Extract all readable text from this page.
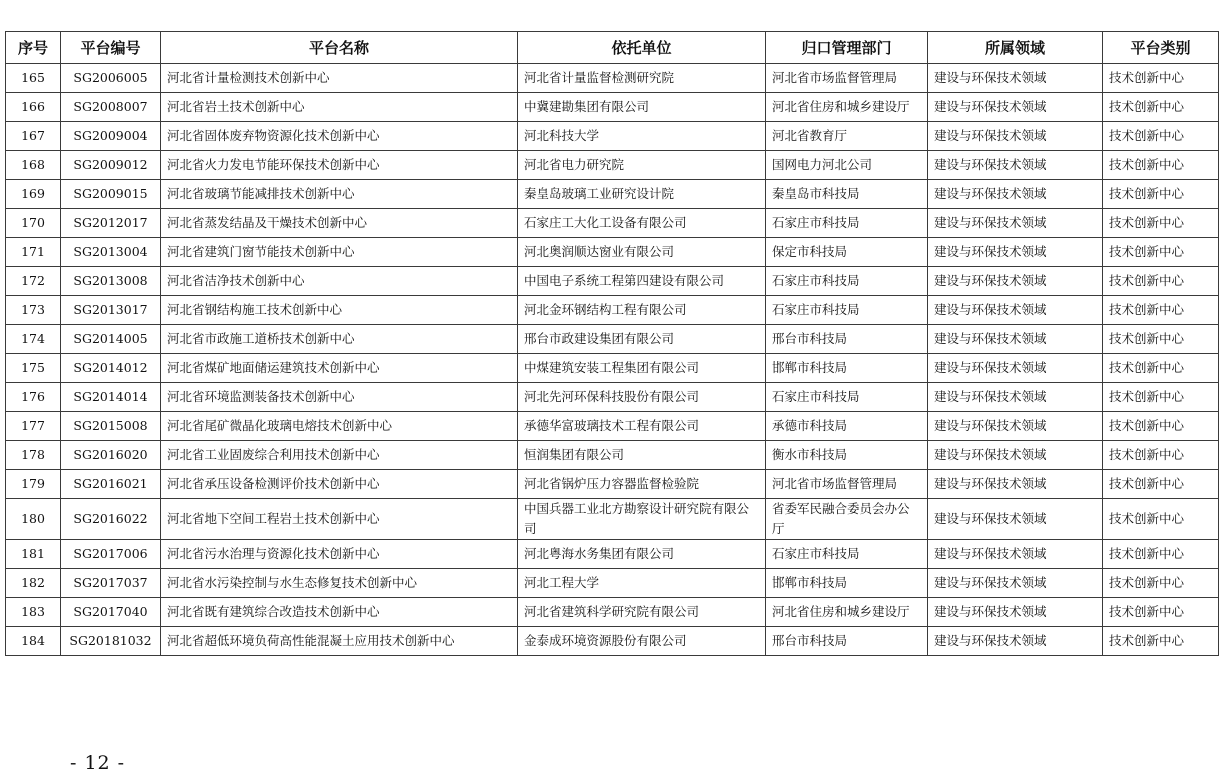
序号	平台编号	平台名称	依托单位	归口管理部门	所属领域	平台类别
165	SG2006005	河北省计量检测技术创新中心	河北省计量监督检测研究院	河北省市场监督管理局	建设与环保技术领域	技术创新中心
166	SG2008007	河北省岩土技术创新中心	中冀建勘集团有限公司	河北省住房和城乡建设厅	建设与环保技术领域	技术创新中心
167	SG2009004	河北省固体废弃物资源化技术创新中心	河北科技大学	河北省教育厅	建设与环保技术领域	技术创新中心
168	SG2009012	河北省火力发电节能环保技术创新中心	河北省电力研究院	国网电力河北公司	建设与环保技术领域	技术创新中心
169	SG2009015	河北省玻璃节能减排技术创新中心	秦皇岛玻璃工业研究设计院	秦皇岛市科技局	建设与环保技术领域	技术创新中心
170	SG2012017	河北省蒸发结晶及干燥技术创新中心	石家庄工大化工设备有限公司	石家庄市科技局	建设与环保技术领域	技术创新中心
171	SG2013004	河北省建筑门窗节能技术创新中心	河北奥润顺达窗业有限公司	保定市科技局	建设与环保技术领域	技术创新中心
172	SG2013008	河北省洁净技术创新中心	中国电子系统工程第四建设有限公司	石家庄市科技局	建设与环保技术领域	技术创新中心
173	SG2013017	河北省钢结构施工技术创新中心	河北金环钢结构工程有限公司	石家庄市科技局	建设与环保技术领域	技术创新中心
174	SG2014005	河北省市政施工道桥技术创新中心	邢台市政建设集团有限公司	邢台市科技局	建设与环保技术领域	技术创新中心
175	SG2014012	河北省煤矿地面储运建筑技术创新中心	中煤建筑安装工程集团有限公司	邯郸市科技局	建设与环保技术领域	技术创新中心
176	SG2014014	河北省环境监测装备技术创新中心	河北先河环保科技股份有限公司	石家庄市科技局	建设与环保技术领域	技术创新中心
177	SG2015008	河北省尾矿微晶化玻璃电熔技术创新中心	承德华富玻璃技术工程有限公司	承德市科技局	建设与环保技术领域	技术创新中心
178	SG2016020	河北省工业固废综合利用技术创新中心	恒润集团有限公司	衡水市科技局	建设与环保技术领域	技术创新中心
179	SG2016021	河北省承压设备检测评价技术创新中心	河北省锅炉压力容器监督检验院	河北省市场监督管理局	建设与环保技术领域	技术创新中心
180	SG2016022	河北省地下空间工程岩土技术创新中心	中国兵器工业北方勘察设计研究院有限公司	省委军民融合委员会办公厅	建设与环保技术领域	技术创新中心
181	SG2017006	河北省污水治理与资源化技术创新中心	河北粤海水务集团有限公司	石家庄市科技局	建设与环保技术领域	技术创新中心
182	SG2017037	河北省水污染控制与水生态修复技术创新中心	河北工程大学	邯郸市科技局	建设与环保技术领域	技术创新中心
183	SG2017040	河北省既有建筑综合改造技术创新中心	河北省建筑科学研究院有限公司	河北省住房和城乡建设厅	建设与环保技术领域	技术创新中心
184	SG20181032	河北省超低环境负荷高性能混凝土应用技术创新中心	金泰成环境资源股份有限公司	邢台市科技局	建设与环保技术领域	技术创新中心
- 12 -
